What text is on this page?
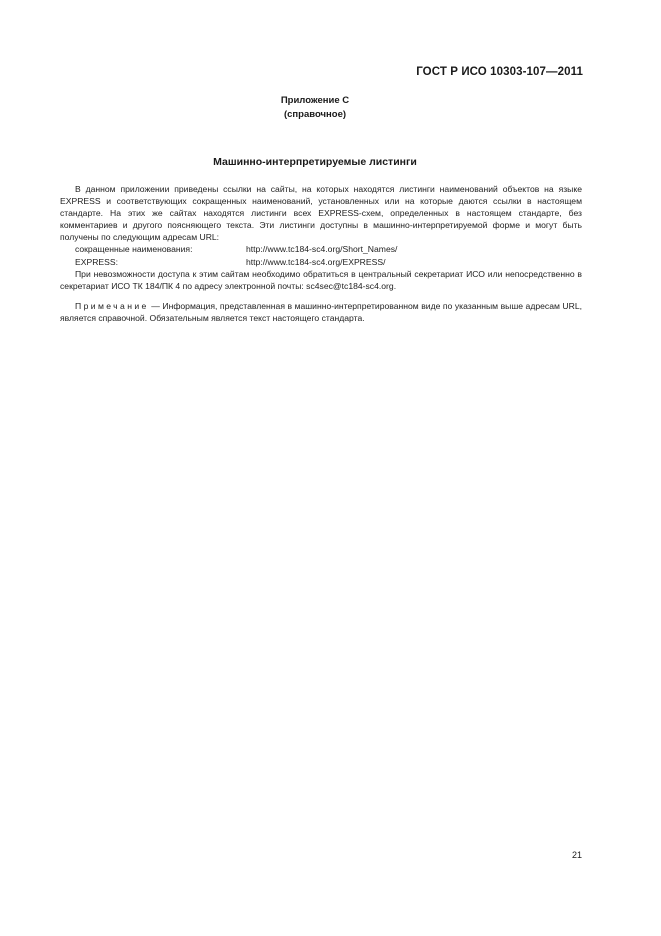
ГОСТ Р ИСО 10303-107—2011
Приложение С
(справочное)
Машинно-интерпретируемые листинги

В данном приложении приведены ссылки на сайты, на которых находятся листинги наименований объектов на языке EXPRESS и соответствующих сокращенных наименований, установленных или на которые даются ссылки в настоящем стандарте. На этих же сайтах находятся листинги всех EXPRESS-схем, определенных в настоящем стандарте, без комментариев и другого поясняющего текста. Эти листинги доступны в машинно-интерпретируемой форме и могут быть получены по следующим адресам URL:

сокращенные наименования:	http://www.tc184-sc4.org/Short_Names/
EXPRESS:	http://www.tc184-sc4.org/EXPRESS/

При невозможности доступа к этим сайтам необходимо обратиться в центральный секретариат ИСО или непосредственно в секретариат ИСО ТК 184/ПК 4 по адресу электронной почты: sc4sec@tc184-sc4.org.

Примечание — Информация, представленная в машинно-интерпретированном виде по указанным выше адресам URL, является справочной. Обязательным является текст настоящего стандарта.

21
